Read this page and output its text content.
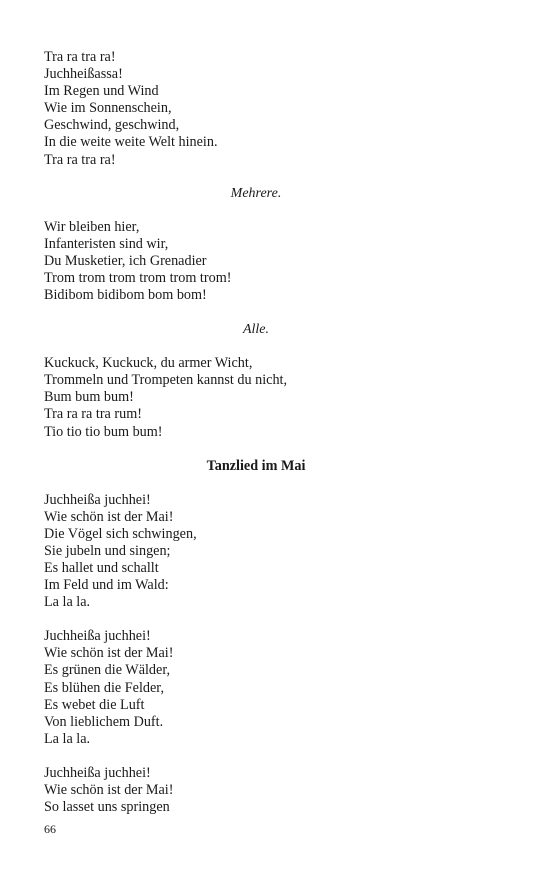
Tra ra tra ra!
Juchheißassa!
Im Regen und Wind
Wie im Sonnenschein,
Geschwind, geschwind,
In die weite weite Welt hinein.
Tra ra tra ra!
Mehrere.
Wir bleiben hier,
Infanteristen sind wir,
Du Musketier, ich Grenadier
Trom trom trom trom trom trom!
Bidibom bidibom bom bom!
Alle.
Kuckuck, Kuckuck, du armer Wicht,
Trommeln und Trompeten kannst du nicht,
Bum bum bum!
Tra ra ra tra rum!
Tio tio tio bum bum!
Tanzlied im Mai
Juchheißa juchhei!
Wie schön ist der Mai!
Die Vögel sich schwingen,
Sie jubeln und singen;
Es hallet und schallt
Im Feld und im Wald:
La la la.
Juchheißa juchhei!
Wie schön ist der Mai!
Es grünen die Wälder,
Es blühen die Felder,
Es webet die Luft
Von lieblichem Duft.
La la la.
Juchheißa juchhei!
Wie schön ist der Mai!
So lasset uns springen
66
